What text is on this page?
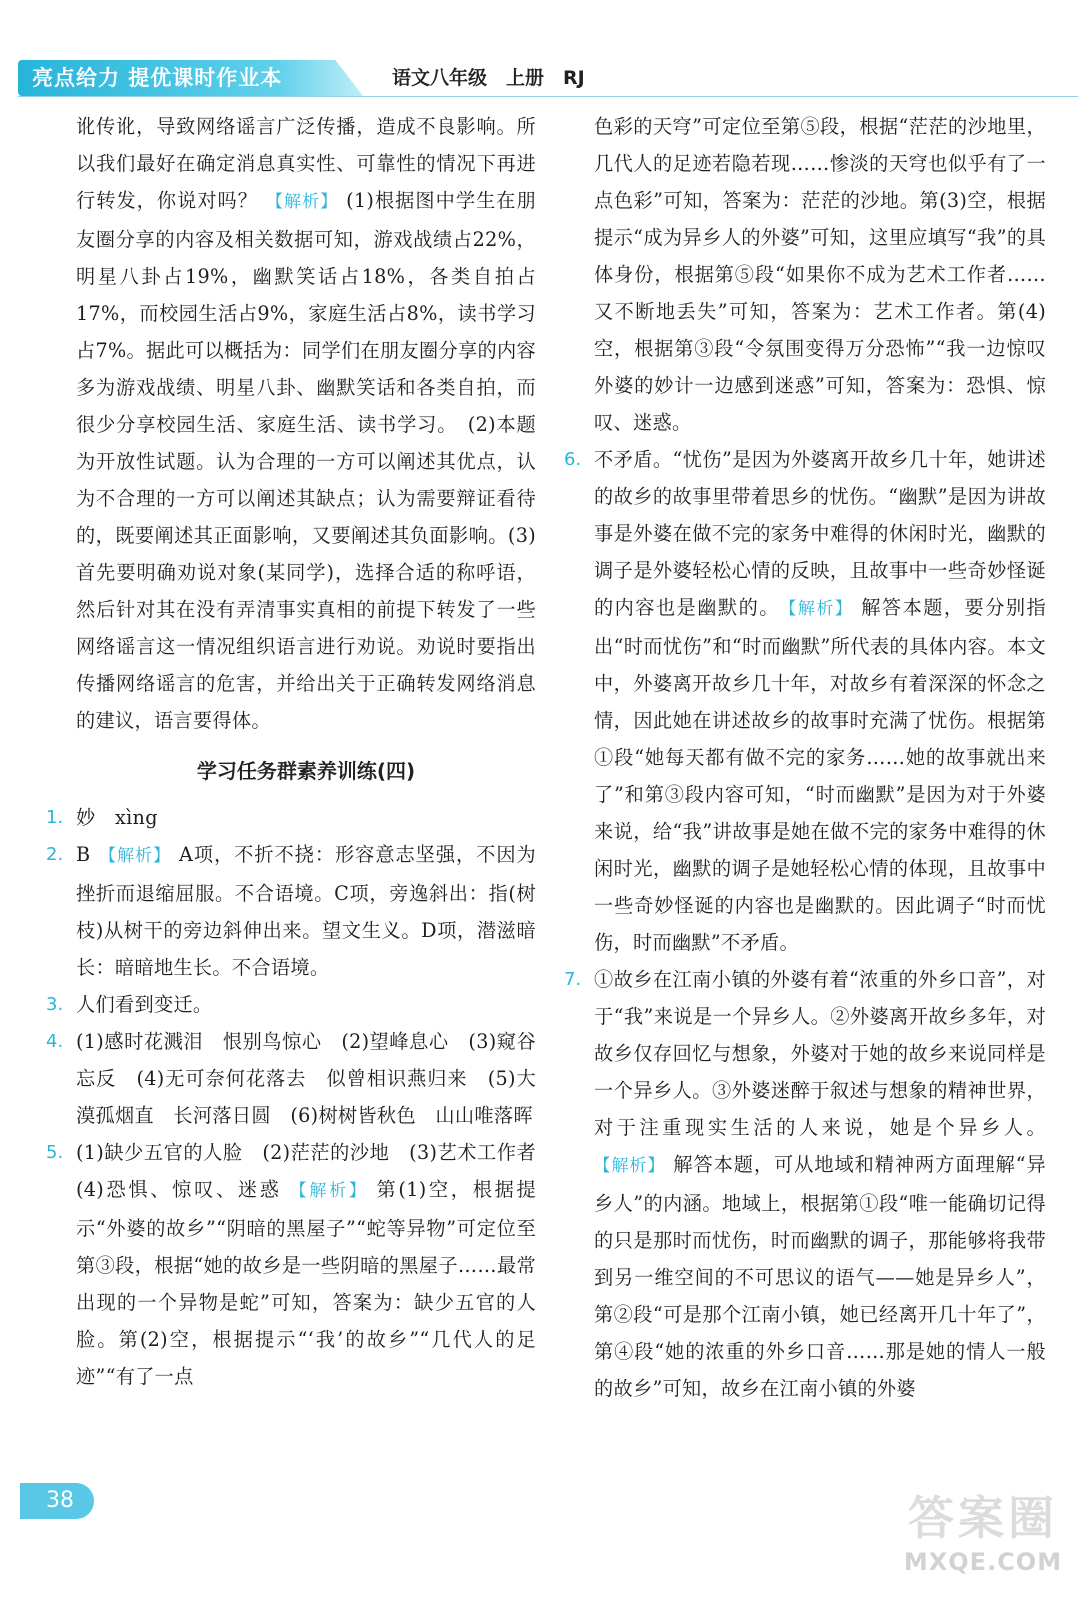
亮点给力 提优课时作业本	语文八年级　上册　RJ

讹传讹，导致网络谣言广泛传播，造成不良影响。所以我们最好在确定消息真实性、可靠性的情况下再进行转发，你说对吗？ 【解析】 (1)根据图中学生在朋友圈分享的内容及相关数据可知，游戏战绩占22%，明星八卦占19%，幽默笑话占18%，各类自拍占17%，而校园生活占9%，家庭生活占8%，读书学习占7%。据此可以概括为：同学们在朋友圈分享的内容多为游戏战绩、明星八卦、幽默笑话和各类自拍，而很少分享校园生活、家庭生活、读书学习。　(2)本题为开放性试题。认为合理的一方可以阐述其优点，认为不合理的一方可以阐述其缺点；认为需要辩证看待的，既要阐述其正面影响，又要阐述其负面影响。(3)首先要明确劝说对象(某同学)，选择合适的称呼语，然后针对其在没有弄清事实真相的前提下转发了一些网络谣言这一情况组织语言进行劝说。劝说时要指出传播网络谣言的危害，并给出关于正确转发网络消息的建议，语言要得体。

学习任务群素养训练(四)
1. 妙　xìng

2. B 【解析】 A项，不折不挠：形容意志坚强，不因为挫折而退缩屈服。不合语境。C项，旁逸斜出：指(树枝)从树干的旁边斜伸出来。望文生义。D项，潜滋暗长：暗暗地生长。不合语境。

3. 人们看到变迁。

4. (1)感时花溅泪　恨别鸟惊心　(2)望峰息心　(3)窥谷忘反　(4)无可奈何花落去　似曾相识燕归来　(5)大漠孤烟直　长河落日圆　(6)树树皆秋色　山山唯落晖

5. (1)缺少五官的人脸　(2)茫茫的沙地　(3)艺术工作者　(4)恐惧、惊叹、迷惑 【解析】 第(1)空，根据提示“外婆的故乡”“阴暗的黑屋子”“蛇等异物”可定位至第③段，根据“她的故乡是一些阴暗的黑屋子……最常出现的一个异物是蛇”可知，答案为：缺少五官的人脸。第(2)空，根据提示“‘我’的故乡”“几代人的足迹”“有了一点

色彩的天穹”可定位至第⑤段，根据“茫茫的沙地里，几代人的足迹若隐若现……惨淡的天穹也似乎有了一点色彩”可知，答案为：茫茫的沙地。第(3)空，根据提示“成为异乡人的外婆”可知，这里应填写“我”的具体身份，根据第⑤段“如果你不成为艺术工作者……又不断地丢失”可知，答案为：艺术工作者。第(4)空，根据第③段“令氛围变得万分恐怖”“我一边惊叹外婆的妙计一边感到迷惑”可知，答案为：恐惧、惊叹、迷惑。

6. 不矛盾。“忧伤”是因为外婆离开故乡几十年，她讲述的故乡的故事里带着思乡的忧伤。“幽默”是因为讲故事是外婆在做不完的家务中难得的休闲时光，幽默的调子是外婆轻松心情的反映，且故事中一些奇妙怪诞的内容也是幽默的。 【解析】 解答本题，要分别指出“时而忧伤”和“时而幽默”所代表的具体内容。本文中，外婆离开故乡几十年，对故乡有着深深的怀念之情，因此她在讲述故乡的故事时充满了忧伤。根据第①段“她每天都有做不完的家务……她的故事就出来了”和第③段内容可知，“时而幽默”是因为对于外婆来说，给“我”讲故事是她在做不完的家务中难得的休闲时光，幽默的调子是她轻松心情的体现，且故事中一些奇妙怪诞的内容也是幽默的。因此调子“时而忧伤，时而幽默”不矛盾。

7. ①故乡在江南小镇的外婆有着“浓重的外乡口音”，对于“我”来说是一个异乡人。②外婆离开故乡多年，对故乡仅存回忆与想象，外婆对于她的故乡来说同样是一个异乡人。③外婆迷醉于叙述与想象的精神世界，对于注重现实生活的人来说，她是个异乡人。【解析】 解答本题，可从地域和精神两方面理解“异乡人”的内涵。地域上，根据第①段“唯一能确切记得的只是那时而忧伤，时而幽默的调子，那能够将我带到另一维空间的不可思议的语气——她是异乡人”，第②段“可是那个江南小镇，她已经离开几十年了”，第④段“她的浓重的外乡口音……那是她的情人一般的故乡”可知，故乡在江南小镇的外婆

38	答案圈
MXQE.COM
